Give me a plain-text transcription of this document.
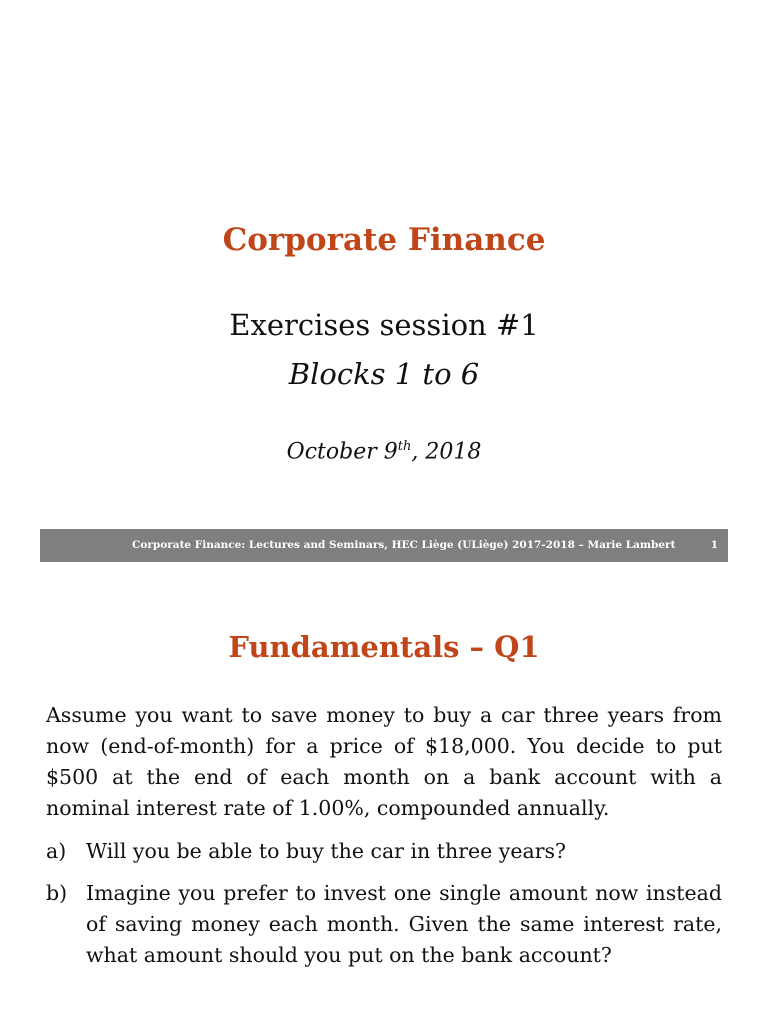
Corporate Finance

Exercises session #1

Blocks 1 to 6

October 9th, 2018

Corporate Finance: Lectures and Seminars, HEC Liège (ULiège) 2017-2018 – Marie Lambert	1
Fundamentals – Q1

Assume you want to save money to buy a car three years from now (end-of-month) for a price of $18,000. You decide to put $500 at the end of each month on a bank account with a nominal interest rate of 1.00%, compounded annually.

a) Will you be able to buy the car in three years?
b) Imagine you prefer to invest one single amount now instead of saving money each month. Given the same interest rate, what amount should you put on the bank account?
